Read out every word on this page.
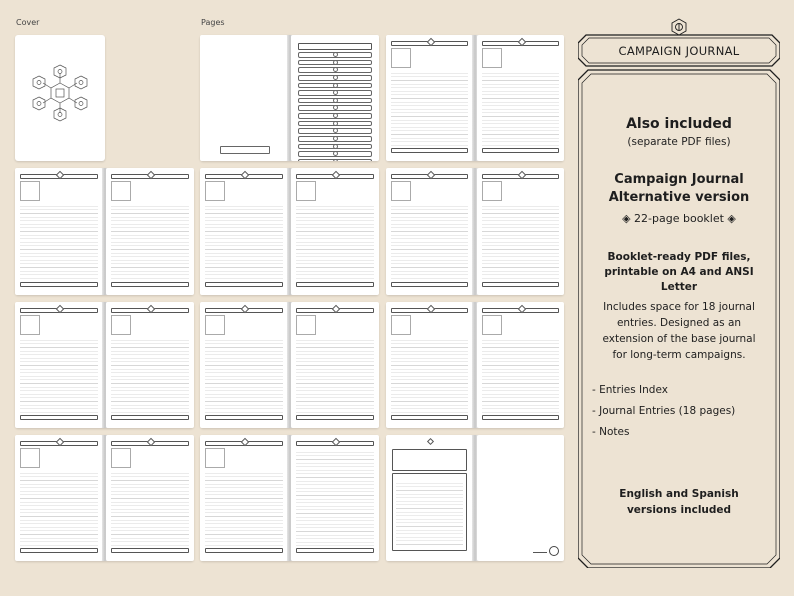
Cover	Pages
CAMPAIGN JOURNAL
Also included
(separate PDF files)
Campaign Journal
Alternative version
◈ 22-page booklet ◈
Booklet-ready PDF files,
printable on A4 and ANSI Letter
Includes space for 18 journal
entries. Designed as an
extension of the base journal
for long-term campaigns.
- Entries Index
- Journal Entries (18 pages)
- Notes
English and Spanish
versions included
